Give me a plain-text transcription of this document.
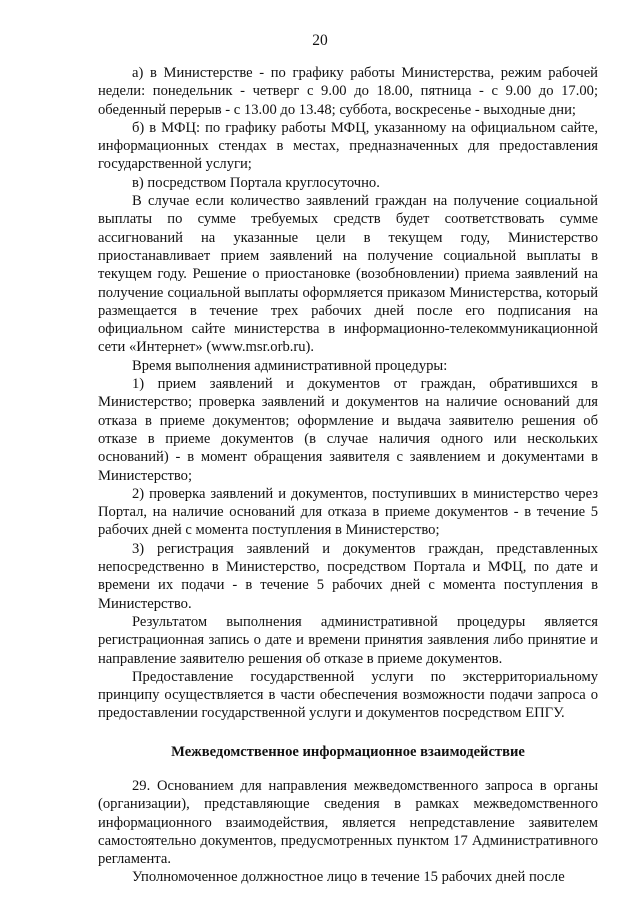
20

а) в Министерстве - по графику работы Министерства, режим рабочей недели: понедельник - четверг с 9.00 до 18.00, пятница - с 9.00 до 17.00; обеденный перерыв - с 13.00 до 13.48; суббота, воскресенье - выходные дни;

б) в МФЦ: по графику работы МФЦ, указанному на официальном сайте, информационных стендах в местах, предназначенных для предоставления государственной услуги;

в) посредством Портала круглосуточно.

В случае если количество заявлений граждан на получение социальной выплаты по сумме требуемых средств будет соответствовать сумме ассигнований на указанные цели в текущем году, Министерство приостанавливает прием заявлений на получение социальной выплаты в текущем году. Решение о приостановке (возобновлении) приема заявлений на получение социальной выплаты оформляется приказом Министерства, который размещается в течение трех рабочих дней после его подписания на официальном сайте министерства в информационно-телекоммуникационной сети «Интернет» (www.msr.orb.ru).

Время выполнения административной процедуры:

1) прием заявлений и документов от граждан, обратившихся в Министерство; проверка заявлений и документов на наличие оснований для отказа в приеме документов; оформление и выдача заявителю решения об отказе в приеме документов (в случае наличия одного или нескольких оснований) - в момент обращения заявителя с заявлением и документами в Министерство;

2) проверка заявлений и документов, поступивших в министерство через Портал, на наличие оснований для отказа в приеме документов - в течение 5 рабочих дней с момента поступления в Министерство;

3) регистрация заявлений и документов граждан, представленных непосредственно в Министерство, посредством Портала и МФЦ, по дате и времени их подачи - в течение 5 рабочих дней с момента поступления в Министерство.

Результатом выполнения административной процедуры является регистрационная запись о дате и времени принятия заявления либо принятие и направление заявителю решения об отказе в приеме документов.

Предоставление государственной услуги по экстерриториальному принципу осуществляется в части обеспечения возможности подачи запроса о предоставлении государственной услуги и документов посредством ЕПГУ.

Межведомственное информационное взаимодействие

29. Основанием для направления межведомственного запроса в органы (организации), представляющие сведения в рамках межведомственного информационного взаимодействия, является непредставление заявителем самостоятельно документов, предусмотренных пунктом 17 Административного регламента.

Уполномоченное должностное лицо в течение 15 рабочих дней после
